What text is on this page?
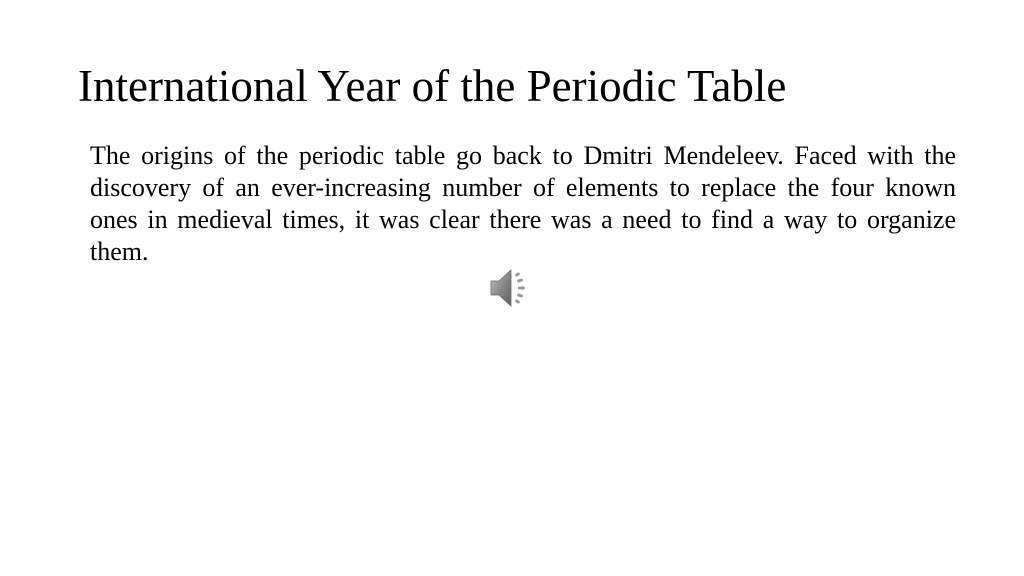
International Year of the Periodic Table

The origins of the periodic table go back to Dmitri Mendeleev. Faced with the discovery of an ever-increasing number of elements to replace the four known ones in medieval times, it was clear there was a need to find a way to organize them.
